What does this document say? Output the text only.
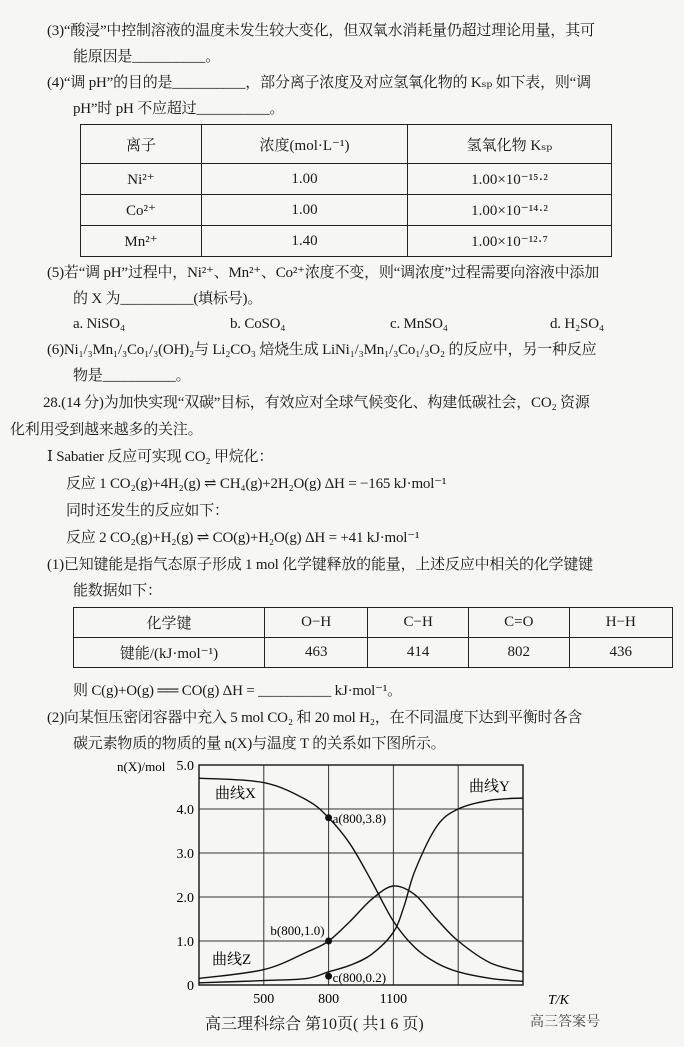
(3)“酸浸”中控制溶液的温度未发生较大变化，但双氧水消耗量仍超过理论用量，其可
能原因是__________。
(4)“调 pH”的目的是__________，部分离子浓度及对应氢氧化物的 Kₛₚ 如下表，则“调
pH”时 pH 不应超过__________。
离子	浓度(mol·L⁻¹)	氢氧化物 Kₛₚ
Ni²⁺	1.00	1.00×10⁻¹⁵·²
Co²⁺	1.00	1.00×10⁻¹⁴·²
Mn²⁺	1.40	1.00×10⁻¹²·⁷
(5)若“调 pH”过程中，Ni²⁺、Mn²⁺、Co²⁺浓度不变，则“调浓度”过程需要向溶液中添加
的 X 为__________(填标号)。
a. NiSO₄	b. CoSO₄	c. MnSO₄	d. H₂SO₄
(6)Ni₁/₃Mn₁/₃Co₁/₃(OH)₂与 Li₂CO₃ 焙烧生成 LiNi₁/₃Mn₁/₃Co₁/₃O₂ 的反应中，另一种反应
物是__________。
28.(14 分)为加快实现“双碳”目标，有效应对全球气候变化、构建低碳社会，CO₂ 资源
化利用受到越来越多的关注。
Ⅰ Sabatier 反应可实现 CO₂ 甲烷化：
反应 1 CO₂(g)+4H₂(g) ⇌ CH₄(g)+2H₂O(g) ΔH = −165 kJ·mol⁻¹
同时还发生的反应如下：
反应 2 CO₂(g)+H₂(g) ⇌ CO(g)+H₂O(g) ΔH = +41 kJ·mol⁻¹
(1)已知键能是指气态原子形成 1 mol 化学键释放的能量，上述反应中相关的化学键键
能数据如下：
化学键	O−H	C−H	C=O	H−H
键能/(kJ·mol⁻¹)	463	414	802	436
则 C(g)+O(g) ══ CO(g) ΔH = __________ kJ·mol⁻¹。
(2)向某恒压密闭容器中充入 5 mol CO₂ 和 20 mol H₂，在不同温度下达到平衡时各含
碳元素物质的物质的量 n(X)与温度 T 的关系如下图所示。
0
1.0
2.0
3.0
4.0
5.0
500	800	1100
a(800,3.8)
b(800,1.0)
c(800,0.2)
n(X)/mol
T/K
曲线X	曲线Y
曲线Z
高三理科综合 第10页( 共1 6 页)	高三答案号
